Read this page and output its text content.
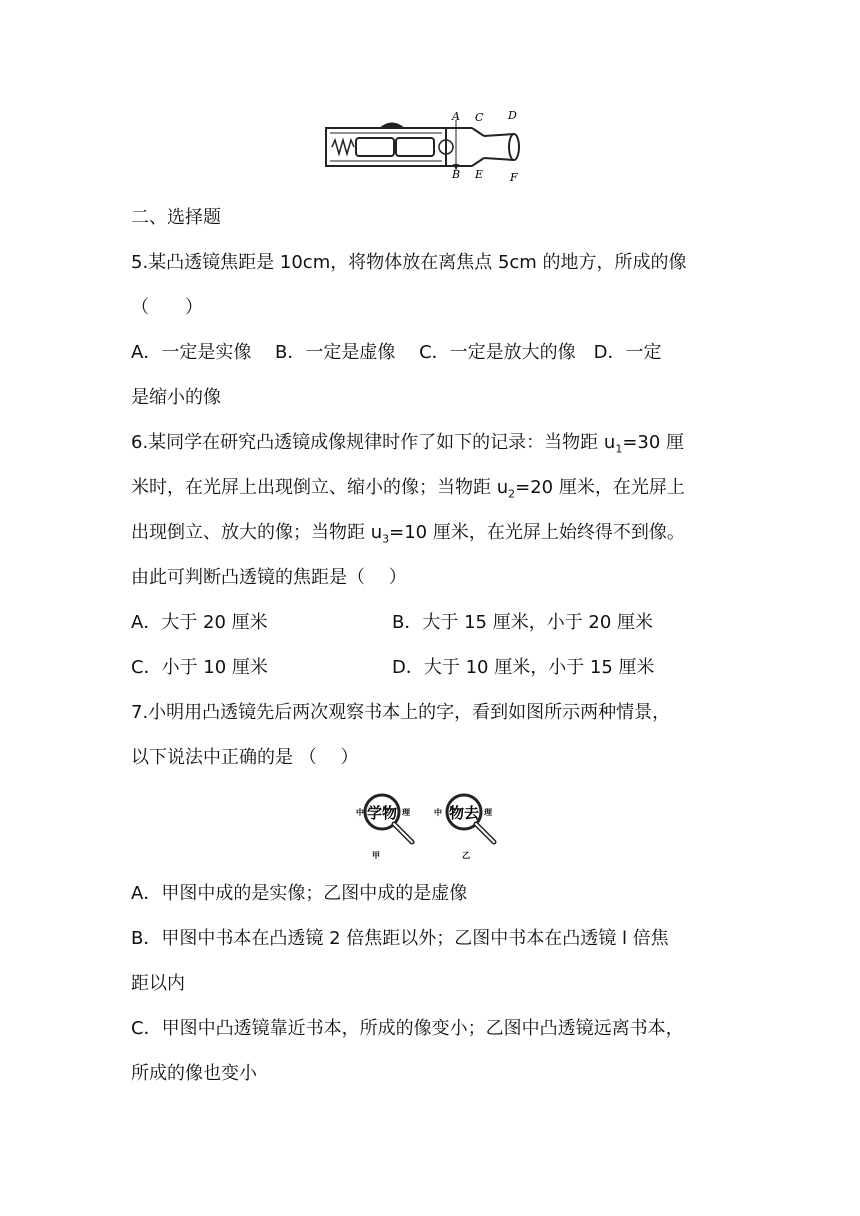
A C D
B E F
二、选择题
5.某凸透镜焦距是 10cm，将物体放在离焦点 5cm 的地方，所成的像
（　　）
A．一定是实像　 B．一定是虚像　 C．一定是放大的像　D．一定
是缩小的像
6.某同学在研究凸透镜成像规律时作了如下的记录：当物距 $u_1=30$ 厘
米时，在光屏上出现倒立、缩小的像；当物距 $u_2=20$ 厘米，在光屏上
出现倒立、放大的像；当物距 $u_3=10$ 厘米，在光屏上始终得不到像。
由此可判断凸透镜的焦距是（　 ）
A．大于 20 厘米	B．大于 15 厘米，小于 20 厘米
C．小于 10 厘米	D．大于 10 厘米，小于 15 厘米
7.小明用凸透镜先后两次观察书本上的字，看到如图所示两种情景，
以下说法中正确的是 （　 ）
中 学物 理
甲
中 物去 理
乙
A．甲图中成的是实像；乙图中成的是虚像
B．甲图中书本在凸透镜 2 倍焦距以外；乙图中书本在凸透镜 l 倍焦
距以内
C．甲图中凸透镜靠近书本，所成的像变小；乙图中凸透镜远离书本，
所成的像也变小
